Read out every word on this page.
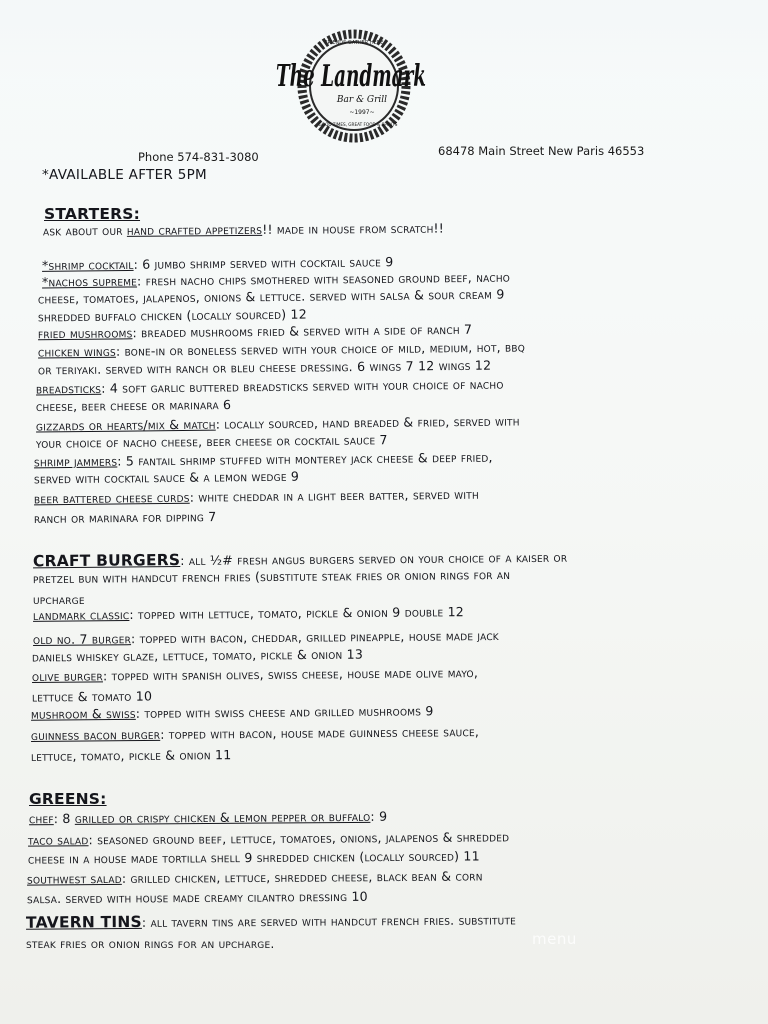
FRIENDS GATHER HERE
The Landmark
Bar & Grill
~1997~
GOOD TIMES, GREAT FOOD & SPIRITS
Phone 574-831-3080	68478 Main Street New Paris 46553
*AVAILABLE AFTER 5PM
STARTERS:
ask about our hand crafted appetizers!! made in house from scratch!!
*shrimp cocktail: 6 jumbo shrimp served with cocktail sauce 9
*nachos supreme: fresh nacho chips smothered with seasoned ground beef, nacho
cheese, tomatoes, jalapenos, onions & lettuce. served with salsa & sour cream 9
shredded buffalo chicken (locally sourced) 12
fried mushrooms: breaded mushrooms fried & served with a side of ranch 7
chicken wings: bone-in or boneless served with your choice of mild, medium, hot, bbq
or teriyaki. served with ranch or bleu cheese dressing. 6 wings 7 12 wings 12
breadsticks: 4 soft garlic buttered breadsticks served with your choice of nacho
cheese, beer cheese or marinara 6
gizzards or hearts/mix & match: locally sourced, hand breaded & fried, served with
your choice of nacho cheese, beer cheese or cocktail sauce 7
shrimp jammers: 5 fantail shrimp stuffed with monterey jack cheese & deep fried,
served with cocktail sauce & a lemon wedge 9
beer battered cheese curds: white cheddar in a light beer batter, served with
ranch or marinara for dipping 7
CRAFT BURGERS: all ½# fresh angus burgers served on your choice of a kaiser or
pretzel bun with handcut french fries (substitute steak fries or onion rings for an
upcharge
landmark classic: topped with lettuce, tomato, pickle & onion 9 double 12
old no. 7 burger: topped with bacon, cheddar, grilled pineapple, house made jack
daniels whiskey glaze, lettuce, tomato, pickle & onion 13
olive burger: topped with spanish olives, swiss cheese, house made olive mayo,
lettuce & tomato 10
mushroom & swiss: topped with swiss cheese and grilled mushrooms 9
guinness bacon burger: topped with bacon, house made guinness cheese sauce,
lettuce, tomato, pickle & onion 11
GREENS:
chef: 8 grilled or crispy chicken & lemon pepper or buffalo: 9
taco salad: seasoned ground beef, lettuce, tomatoes, onions, jalapenos & shredded
cheese in a house made tortilla shell 9 shredded chicken (locally sourced) 11
southwest salad: grilled chicken, lettuce, shredded cheese, black bean & corn
salsa. served with house made creamy cilantro dressing 10
TAVERN TINS: all tavern tins are served with handcut french fries. substitute
steak fries or onion rings for an upcharge.	menu
